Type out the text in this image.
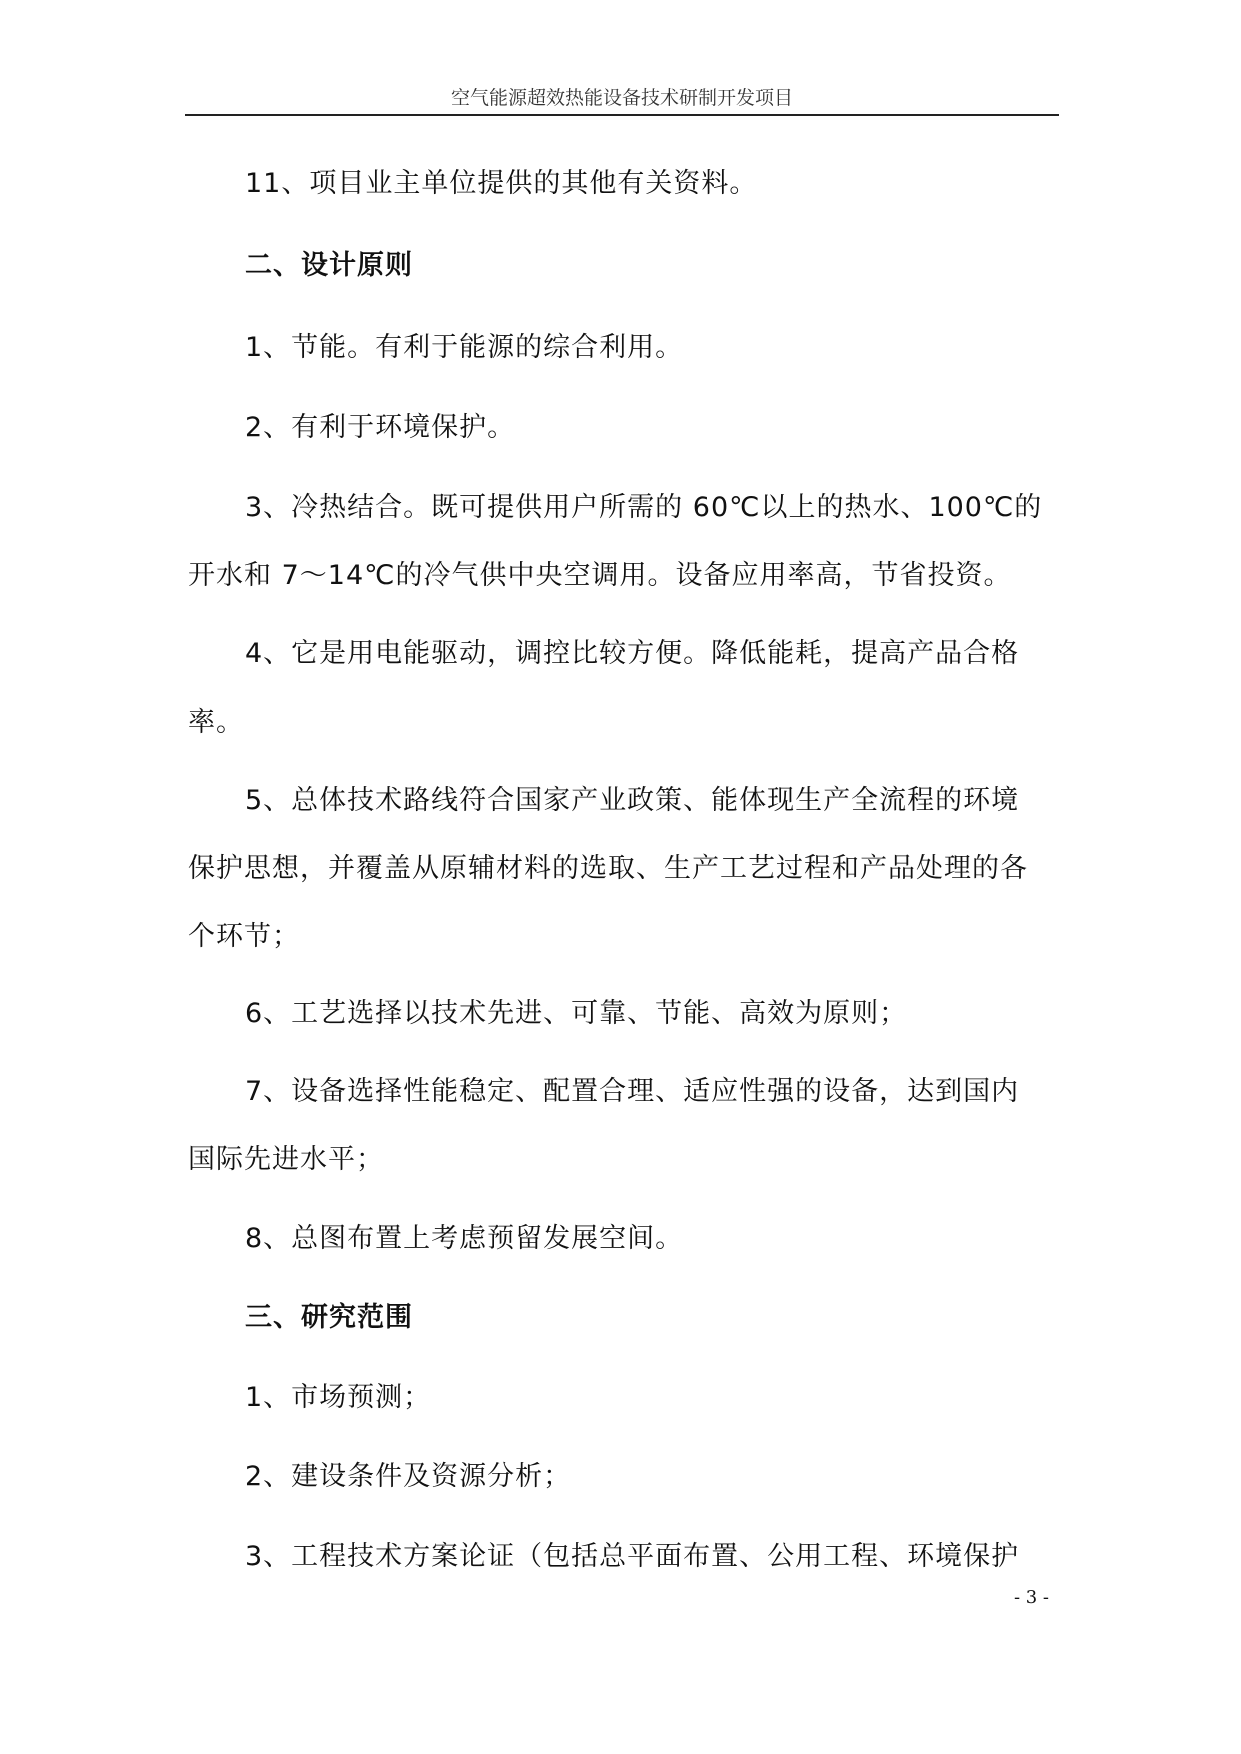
空气能源超效热能设备技术研制开发项目
11、项目业主单位提供的其他有关资料。
二、设计原则
1、节能。有利于能源的综合利用。
2、有利于环境保护。
3、冷热结合。既可提供用户所需的 60℃以上的热水、100℃的
开水和 7～14℃的冷气供中央空调用。设备应用率高，节省投资。
4、它是用电能驱动，调控比较方便。降低能耗，提高产品合格
率。
5、总体技术路线符合国家产业政策、能体现生产全流程的环境
保护思想，并覆盖从原辅材料的选取、生产工艺过程和产品处理的各
个环节；
6、工艺选择以技术先进、可靠、节能、高效为原则；
7、设备选择性能稳定、配置合理、适应性强的设备，达到国内
国际先进水平；
8、总图布置上考虑预留发展空间。
三、研究范围
1、市场预测；
2、建设条件及资源分析；
3、工程技术方案论证（包括总平面布置、公用工程、环境保护
- 3 -
